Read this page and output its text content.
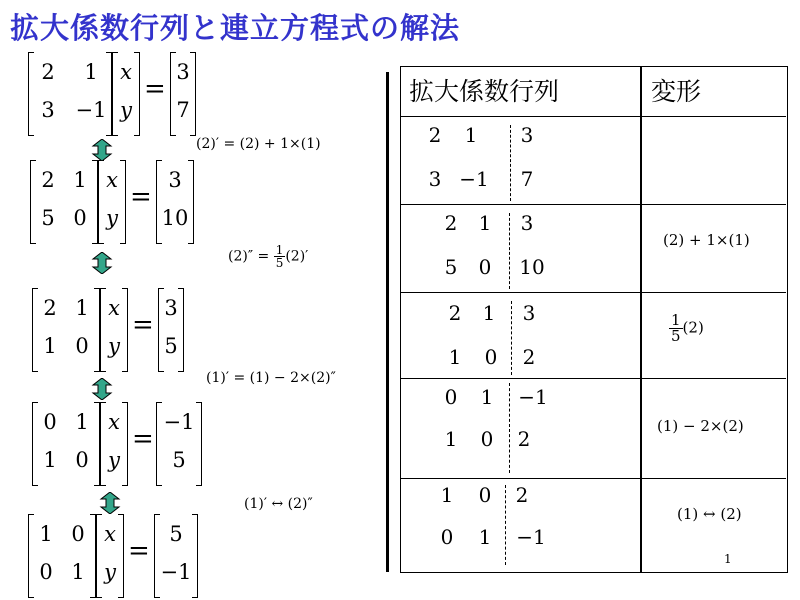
拡大係数行列と連立方程式の解法
2	1
3 −1
x
y
=
3
7
2 1
5 0
x
y
=
3
10
2 1
1 0
x
y
=
3
5
0 1
1 0
x
y
=
−1
5
1 0
0 1
x
y
=
5
−1
(2)′ = (2) + 1×(1)
$(2)'' = \frac{1}{5} (2)'$
(1)′ = (1) − 2×(2)″
(1)′ ↔ (2)″
拡大係数行列	変形
2 1 3
3 −1 7
2 1 3
5 0 10
(2) + 1×(1)
2 1 3
1 0 2
$\frac{1}{5} (2)$
0 1 −1
1 0 2
(1) − 2×(2)
1 0 2
0 1 −1
(1) ↔ (2)
1
